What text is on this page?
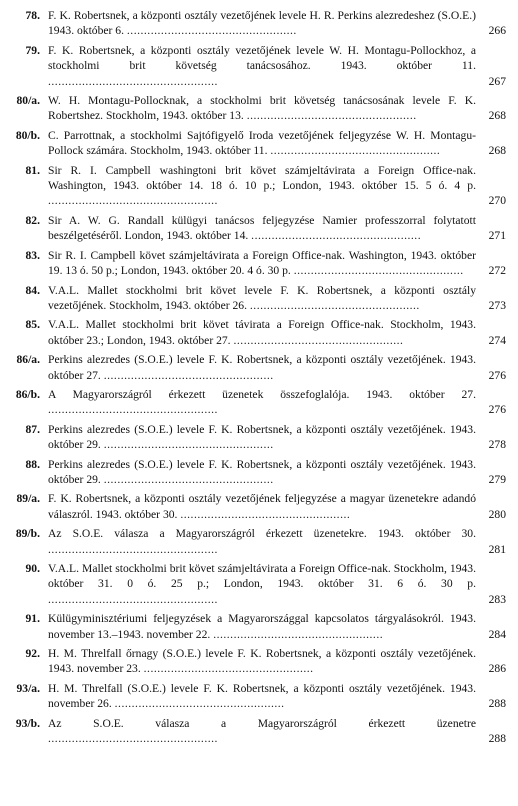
78. F. K. Robertsnek, a központi osztály vezetőjének levele H. R. Perkins alezredeshez (S.O.E.) 1943. október 6. ..................................................	266
79. F. K. Robertsnek, a központi osztály vezetőjének levele W. H. Montagu-Pollockhoz, a stockholmi brit követség tanácsosához. 1943. október 11. ..................................................	267
80/a. W. H. Montagu-Pollocknak, a stockholmi brit követség tanácsosának levele F. K. Robertshez. Stockholm, 1943. október 13. ..................................................	268
80/b. C. Parrottnak, a stockholmi Sajtófigyelő Iroda vezetőjének feljegyzése W. H. Montagu-Pollock számára. Stockholm, 1943. október 11. ..................................................	268
81. Sir R. I. Campbell washingtoni brit követ számjeltávirata a Foreign Office-nak. Washington, 1943. október 14. 18 ó. 10 p.; London, 1943. október 15. 5 ó. 4 p. ..................................................	270
82. Sir A. W. G. Randall külügyi tanácsos feljegyzése Namier professzorral folytatott beszélgetéséről. London, 1943. október 14. ..................................................	271
83. Sir R. I. Campbell követ számjeltávirata a Foreign Office-nak. Washington, 1943. október 19. 13 ó. 50 p.; London, 1943. október 20. 4 ó. 30 p. ..................................................	272
84. V.A.L. Mallet stockholmi brit követ levele F. K. Robertsnek, a központi osztály vezetőjének. Stockholm, 1943. október 26. ..................................................	273
85. V.A.L. Mallet stockholmi brit követ távirata a Foreign Office-nak. Stockholm, 1943. október 23.; London, 1943. október 27. ..................................................	274
86/a. Perkins alezredes (S.O.E.) levele F. K. Robertsnek, a központi osztály vezetőjének. 1943. október 27. ..................................................	276
86/b. A Magyarországról érkezett üzenetek összefoglalója. 1943. október 27. ..................................................	276
87. Perkins alezredes (S.O.E.) levele F. K. Robertsnek, a központi osztály vezetőjének. 1943. október 29. ..................................................	278
88. Perkins alezredes (S.O.E.) levele F. K. Robertsnek, a központi osztály vezetőjének. 1943. október 29. ..................................................	279
89/a. F. K. Robertsnek, a központi osztály vezetőjének feljegyzése a magyar üzenetekre adandó válaszról. 1943. október 30. ..................................................	280
89/b. Az S.O.E. válasza a Magyarországról érkezett üzenetekre. 1943. október 30. ..................................................	281
90. V.A.L. Mallet stockholmi brit követ számjeltávirata a Foreign Office-nak. Stockholm, 1943. október 31. 0 ó. 25 p.; London, 1943. október 31. 6 ó. 30 p. ..................................................	283
91. Külügyminisztériumi feljegyzések a Magyarországgal kapcsolatos tárgyalásokról. 1943. november 13.–1943. november 22. ..................................................	284
92. H. M. Threlfall őrnagy (S.O.E.) levele F. K. Robertsnek, a központi osztály vezetőjének. 1943. november 23. ..................................................	286
93/a. H. M. Threlfall (S.O.E.) levele F. K. Robertsnek, a központi osztály vezetőjének. 1943. november 26. ..................................................	288
93/b. Az S.O.E. válasza a Magyarországról érkezett üzenetre ..................................................	288
